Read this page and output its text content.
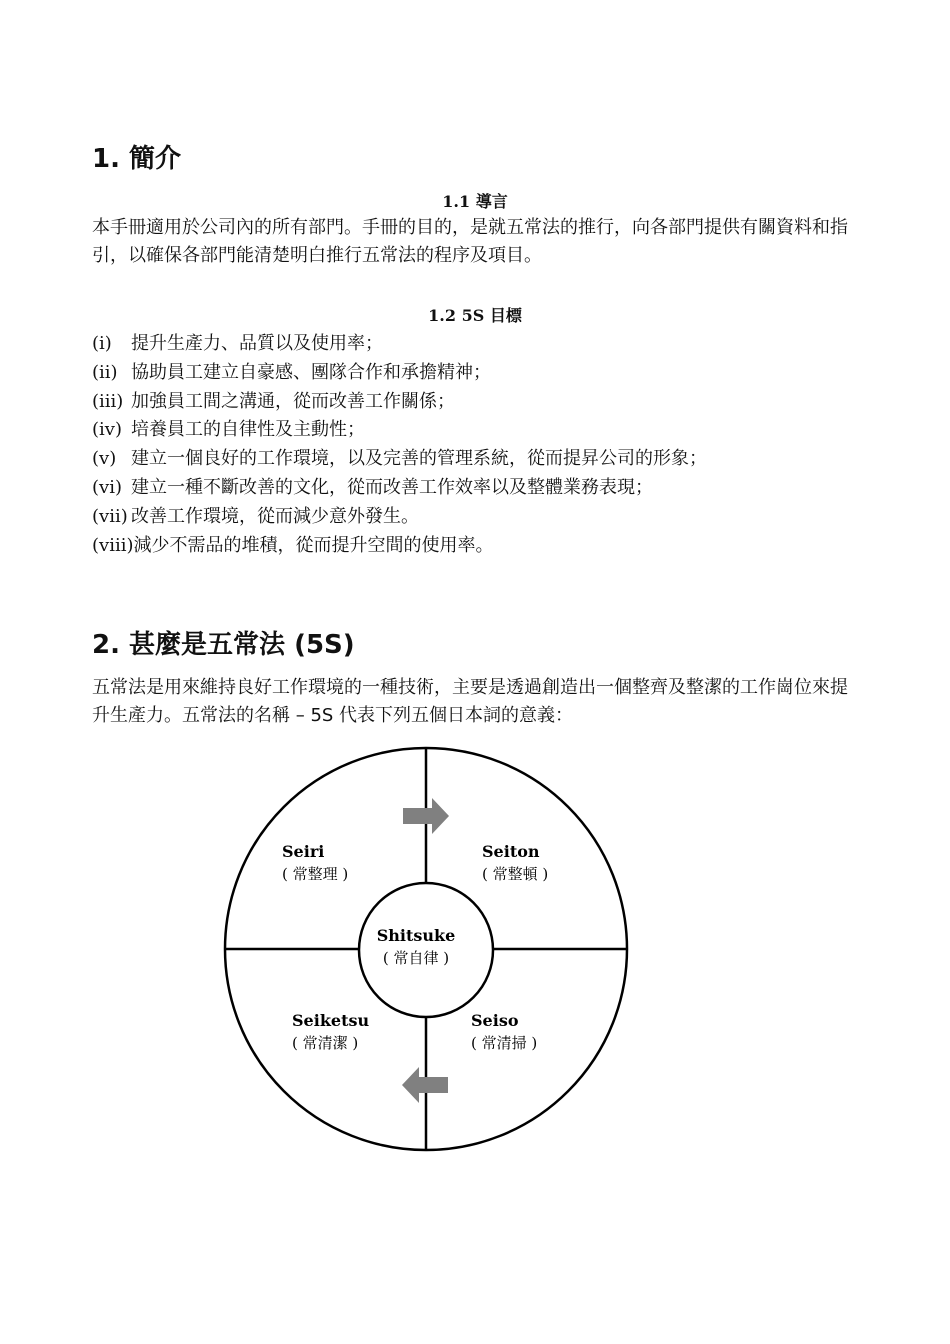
1. 簡介
1.1 導言

本手冊適用於公司內的所有部門。手冊的目的，是就五常法的推行，向各部門提供有關資料和指引，以確保各部門能清楚明白推行五常法的程序及項目。

1.2 5S 目標
(i)	提升生產力、品質以及使用率；
(ii) 協助員工建立自豪感、團隊合作和承擔精神；
(iii) 加強員工間之溝通，從而改善工作關係；
(iv) 培養員工的自律性及主動性；
(v) 建立一個良好的工作環境，以及完善的管理系統，從而提昇公司的形象；
(vi) 建立一種不斷改善的文化，從而改善工作效率以及整體業務表現；
(vii) 改善工作環境，從而減少意外發生。
(viii) 減少不需品的堆積，從而提升空間的使用率。
2. 甚麼是五常法 (5S)

五常法是用來維持良好工作環境的一種技術，主要是透過創造出一個整齊及整潔的工作崗位來提升生產力。五常法的名稱 – 5S 代表下列五個日本詞的意義：

Seiri
( 常整理 )
Seiton
( 常整頓 )
Shitsuke
( 常自律 )
Seiketsu
( 常清潔 )
Seiso
( 常清掃 )
